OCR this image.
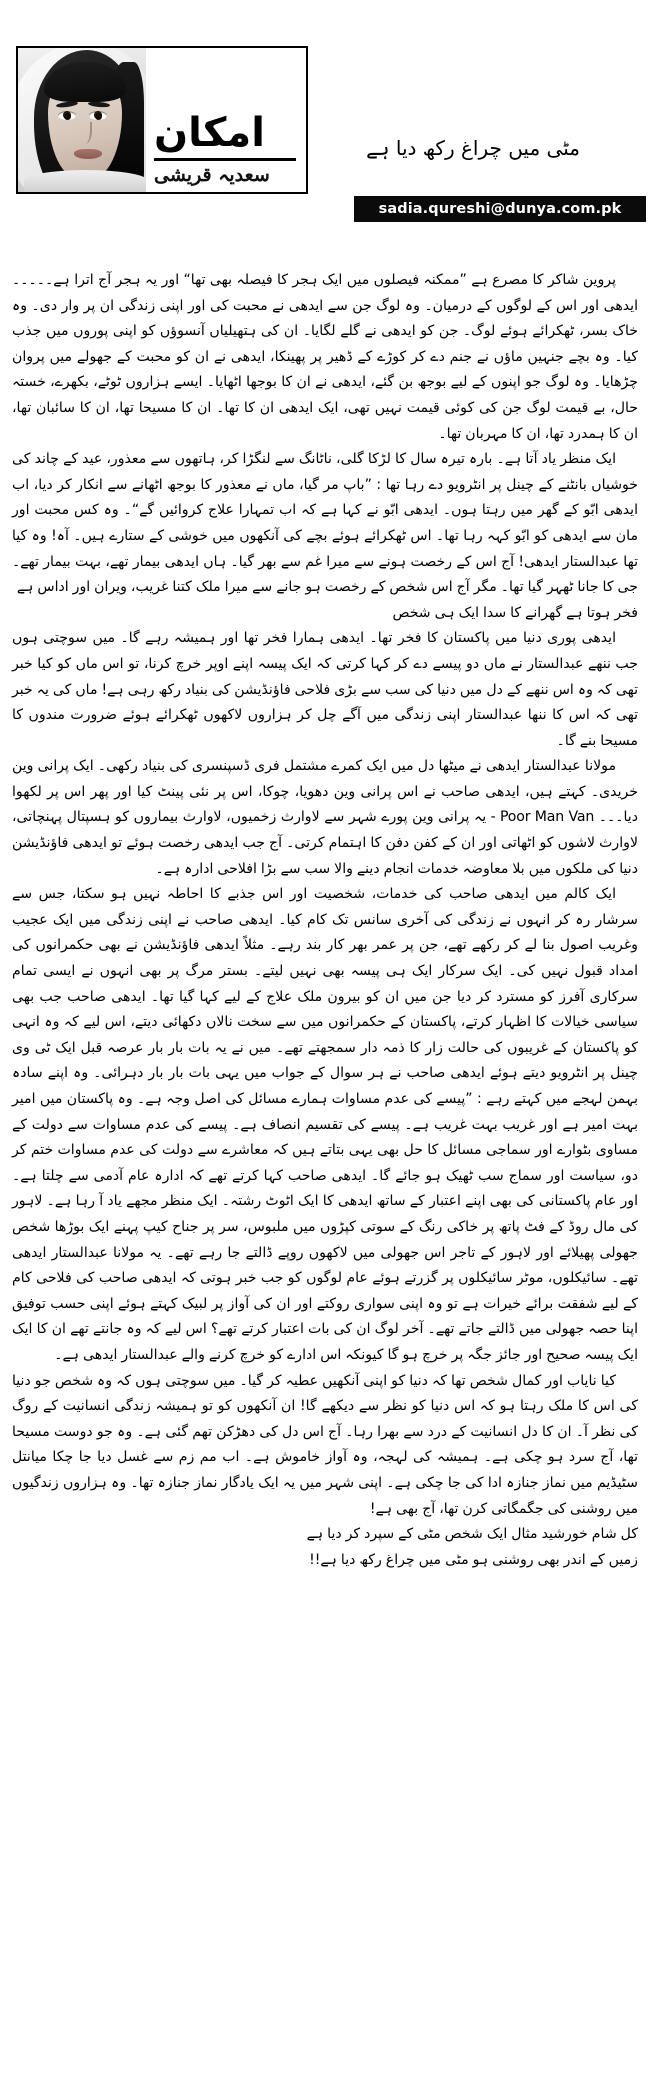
امکان
سعدیہ قریشی
مٹی میں چراغ رکھ دیا ہے
sadia.qureshi@dunya.com.pk

پروین شاکر کا مصرع ہے ”ممکنہ فیصلوں میں ایک ہجر کا فیصلہ بھی تھا“ اور یہ ہجر آج اترا ہے۔۔۔۔۔ایدھی اور اس کے لوگوں کے درمیان۔ وہ لوگ جن سے ایدھی نے محبت کی اور اپنی زندگی ان پر وار دی۔ وہ خاک بسر، ٹھکرائے ہوئے لوگ۔ جن کو ایدھی نے گلے لگایا۔ ان کی ہتھیلیاں آنسوؤں کو اپنی پوروں میں جذب کیا۔ وہ بچے جنہیں ماؤں نے جنم دے کر کوڑے کے ڈھیر پر پھینکا، ایدھی نے ان کو محبت کے جھولے میں پروان چڑھایا۔ وہ لوگ جو اپنوں کے لیے بوجھ بن گئے، ایدھی نے ان کا بوجھا اٹھایا۔ ایسے ہزاروں ٹوٹے، بکھرے، خستہ حال، بے قیمت لوگ جن کی کوئی قیمت نہیں تھی، ایک ایدھی ان کا تھا۔ ان کا مسیحا تھا، ان کا سائبان تھا، ان کا ہمدرد تھا، ان کا مہربان تھا۔

ایک منظر یاد آتا ہے۔ بارہ تیرہ سال کا لڑکا گلی، ناٹانگ سے لنگڑا کر، ہاتھوں سے معذور، عید کے چاند کی خوشیاں بانٹنے کے چینل پر انٹرویو دے رہا تھا : ”باپ مر گیا، ماں نے معذور کا بوجھ اٹھانے سے انکار کر دیا، اب ایدھی ابّو کے گھر میں رہتا ہوں۔ ایدھی ابّو نے کہا ہے کہ اب تمہارا علاج کروائیں گے“۔ وہ کس محبت اور مان سے ایدھی کو ابّو کہہ رہا تھا۔ اس ٹھکرائے ہوئے بچے کی آنکھوں میں خوشی کے ستارے ہیں۔ آہ! وہ کیا تھا عبدالستار ایدھی! آج اس کے رخصت ہونے سے میرا غم سے بھر گیا۔ ہاں ایدھی بیمار تھے، بہت بیمار تھے۔ جی کا جانا ٹھہر گیا تھا۔ مگر آج اس شخص کے رخصت ہو جانے سے میرا ملک کتنا غریب، ویران اور اداس ہے

فخر ہوتا ہے گھرانے کا سدا ایک ہی شخص

ایدھی پوری دنیا میں پاکستان کا فخر تھا۔ ایدھی ہمارا فخر تھا اور ہمیشہ رہے گا۔ میں سوچتی ہوں جب ننھے عبدالستار نے ماں دو پیسے دے کر کہا کرتی کہ ایک پیسہ اپنے اوپر خرچ کرنا، تو اس ماں کو کیا خبر تھی کہ وہ اس ننھے کے دل میں دنیا کی سب سے بڑی فلاحی فاؤنڈیشن کی بنیاد رکھ رہی ہے! ماں کی یہ خبر تھی کہ اس کا ننھا عبدالستار اپنی زندگی میں آگے چل کر ہزاروں لاکھوں ٹھکرائے ہوئے ضرورت مندوں کا مسیحا بنے گا۔

مولانا عبدالستار ایدھی نے میٹھا دل میں ایک کمرے مشتمل فری ڈسپنسری کی بنیاد رکھی۔ ایک پرانی وین خریدی۔ کہتے ہیں، ایدھی صاحب نے اس پرانی وین دھویا، چوکا، اس پر نئی پینٹ کیا اور پھر اس پر لکھوا دیا۔۔۔ Poor Man Van - یہ پرانی وین پورے شہر سے لاوارث زخمیوں، لاوارث بیماروں کو ہسپتال پہنچاتی، لاوارث لاشوں کو اٹھاتی اور ان کے کفن دفن کا اہتمام کرتی۔ آج جب ایدھی رخصت ہوئے تو ایدھی فاؤنڈیشن دنیا کی ملکوں میں بلا معاوضہ خدمات انجام دینے والا سب سے بڑا افلاحی ادارہ ہے۔

ایک کالم میں ایدھی صاحب کی خدمات، شخصیت اور اس جذبے کا احاطہ نہیں ہو سکتا، جس سے سرشار رہ کر انہوں نے زندگی کی آخری سانس تک کام کیا۔ ایدھی صاحب نے اپنی زندگی میں ایک عجیب وغریب اصول بنا لے کر رکھے تھے، جن پر عمر بھر کار بند رہے۔ مثلاً ایدھی فاؤنڈیشن نے بھی حکمرانوں کی امداد قبول نہیں کی۔ ایک سرکار ایک ہی پیسہ بھی نہیں لیتے۔ بستر مرگ پر بھی انہوں نے ایسی تمام سرکاری آفرز کو مسترد کر دیا جن میں ان کو بیرون ملک علاج کے لیے کہا گیا تھا۔ ایدھی صاحب جب بھی سیاسی خیالات کا اظہار کرتے، پاکستان کے حکمرانوں میں سے سخت نالاں دکھائی دیتے، اس لیے کہ وہ انہی کو پاکستان کے غریبوں کی حالت زار کا ذمہ دار سمجھتے تھے۔ میں نے یہ بات بار بار عرصہ قبل ایک ٹی وی چینل پر انٹرویو دیتے ہوئے ایدھی صاحب نے ہر سوال کے جواب میں یہی بات بار بار دہرائی۔ وہ اپنے سادہ بہمن لہجے میں کہتے رہے : ”پیسے کی عدم مساوات ہمارے مسائل کی اصل وجہ ہے۔ وہ پاکستان میں امیر بہت امیر ہے اور غریب بہت غریب ہے۔ پیسے کی تقسیم انصاف ہے۔ پیسے کی عدم مساوات سے دولت کے مساوی بٹوارے اور سماجی مسائل کا حل بھی یہی بتاتے ہیں کہ معاشرے سے دولت کی عدم مساوات ختم کر دو، سیاست اور سماج سب ٹھیک ہو جائے گا۔ ایدھی صاحب کہا کرتے تھے کہ ادارہ عام آدمی سے چلتا ہے۔ اور عام پاکستانی کی بھی اپنے اعتبار کے ساتھ ایدھی کا ایک اٹوٹ رشتہ۔ ایک منظر مجھے یاد آ رہا ہے۔ لاہور کی مال روڈ کے فٹ پاتھ پر خاکی رنگ کے سوتی کپڑوں میں ملبوس، سر پر جناح کیپ پہنے ایک بوڑھا شخص جھولی پھیلائے اور لاہور کے تاجر اس جھولی میں لاکھوں روپے ڈالتے جا رہے تھے۔ یہ مولانا عبدالستار ایدھی تھے۔ سائیکلوں، موٹر سائیکلوں پر گزرتے ہوئے عام لوگوں کو جب خبر ہوتی کہ ایدھی صاحب کی فلاحی کام کے لیے شفقت برائے خیرات ہے تو وہ اپنی سواری روکتے اور ان کی آواز پر لبیک کہتے ہوئے اپنی حسب توفیق اپنا حصہ جھولی میں ڈالتے جاتے تھے۔ آخر لوگ ان کی بات اعتبار کرتے تھے؟ اس لیے کہ وہ جانتے تھے ان کا ایک ایک پیسہ صحیح اور جائز جگہ پر خرچ ہو گا کیونکہ اس ادارے کو خرچ کرنے والے عبدالستار ایدھی ہے۔

کیا نایاب اور کمال شخص تھا کہ دنیا کو اپنی آنکھیں عطیہ کر گیا۔ میں سوچتی ہوں کہ وہ شخص جو دنیا کی اس کا ملک رہتا ہو کہ اس دنیا کو نظر سے دیکھے گا! ان آنکھوں کو تو ہمیشہ زندگی انسانیت کے روگ کی نظر آ۔ ان کا دل انسانیت کے درد سے بھرا رہا۔ آج اس دل کی دھڑکن تھم گئی ہے۔ وہ جو دوست مسیحا تھا، آج سرد ہو چکی ہے۔ ہمیشہ کی لہجہ، وہ آواز خاموش ہے۔ اب مم زم سے غسل دیا جا چکا میانتل سٹیڈیم میں نماز جنازہ ادا کی جا چکی ہے۔ اپنی شہر میں یہ ایک یادگار نماز جنازہ تھا۔ وہ ہزاروں زندگیوں میں روشنی کی جگمگاتی کرن تھا، آج بھی ہے!

کل شام خورشید مثال ایک شخص مٹی کے سپرد کر دیا ہے

زمیں کے اندر بھی روشنی ہو مٹی میں چراغ رکھ دیا ہے!!
